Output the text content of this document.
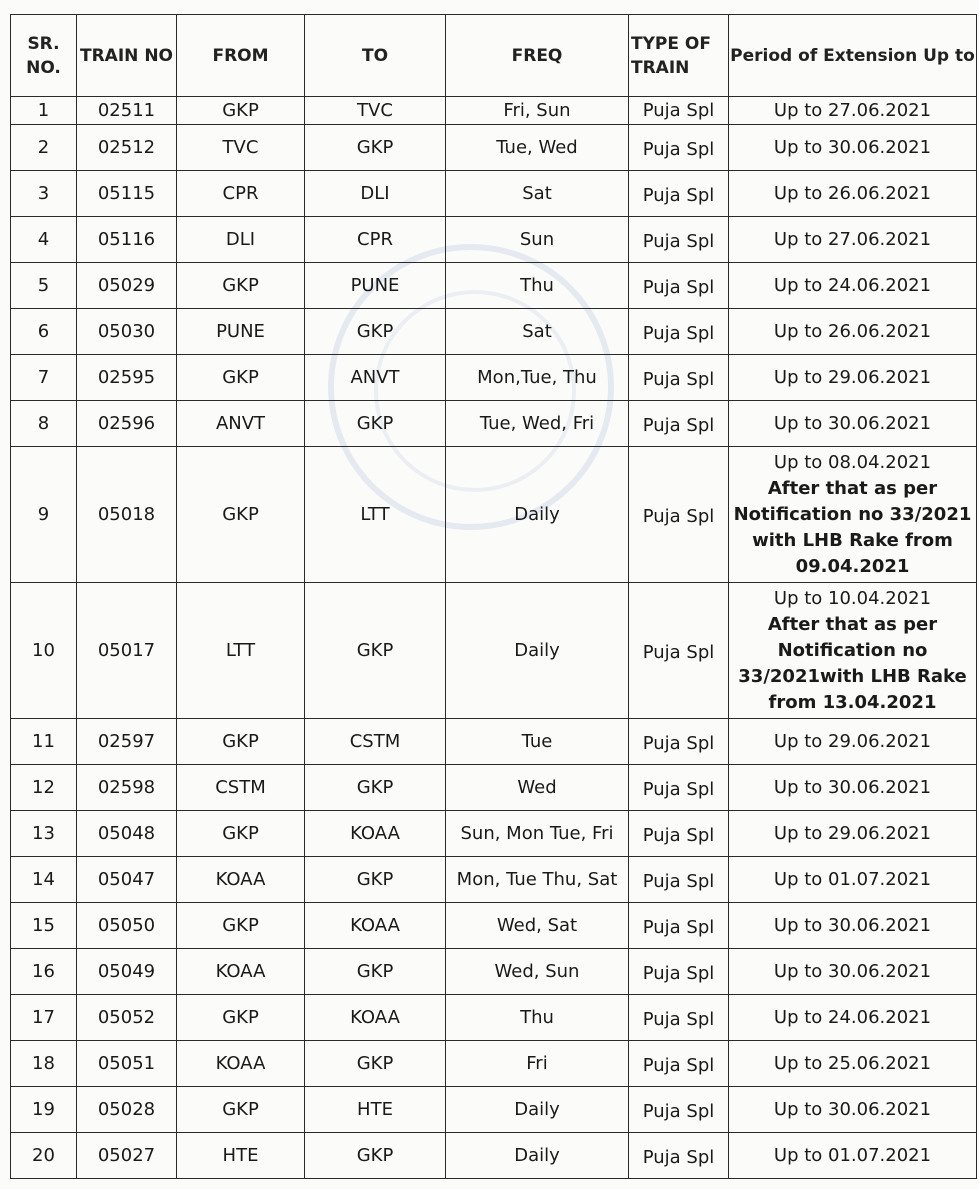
SR. NO.	TRAIN NO	FROM	TO	FREQ	TYPE OF TRAIN	Period of Extension Up to
1	02511	GKP	TVC	Fri, Sun	Puja Spl	Up to 27.06.2021

2	02512	TVC	GKP	Tue, Wed	Puja Spl	Up to 30.06.2021

3	05115	CPR	DLI	Sat	Puja Spl	Up to 26.06.2021

4	05116	DLI	CPR	Sun	Puja Spl	Up to 27.06.2021

5	05029	GKP	PUNE	Thu	Puja Spl	Up to 24.06.2021

6	05030	PUNE	GKP	Sat	Puja Spl	Up to 26.06.2021

7	02595	GKP	ANVT	Mon,Tue, Thu	Puja Spl	Up to 29.06.2021

8	02596	ANVT	GKP	Tue, Wed, Fri	Puja Spl	Up to 30.06.2021

9	05018	GKP	LTT	Daily	Puja Spl	Up to 08.04.2021
After that as per Notification no 33/2021 with LHB Rake from 09.04.2021

10	05017	LTT	GKP	Daily	Puja Spl	Up to 10.04.2021
After that as per Notification no 33/2021with LHB Rake from 13.04.2021

11	02597	GKP	CSTM	Tue	Puja Spl	Up to 29.06.2021

12	02598	CSTM	GKP	Wed	Puja Spl	Up to 30.06.2021

13	05048	GKP	KOAA	Sun, Mon Tue, Fri	Puja Spl	Up to 29.06.2021

14	05047	KOAA	GKP	Mon, Tue Thu, Sat	Puja Spl	Up to 01.07.2021

15	05050	GKP	KOAA	Wed, Sat	Puja Spl	Up to 30.06.2021

16	05049	KOAA	GKP	Wed, Sun	Puja Spl	Up to 30.06.2021

17	05052	GKP	KOAA	Thu	Puja Spl	Up to 24.06.2021

18	05051	KOAA	GKP	Fri	Puja Spl	Up to 25.06.2021

19	05028	GKP	HTE	Daily	Puja Spl	Up to 30.06.2021

20	05027	HTE	GKP	Daily	Puja Spl	Up to 01.07.2021
